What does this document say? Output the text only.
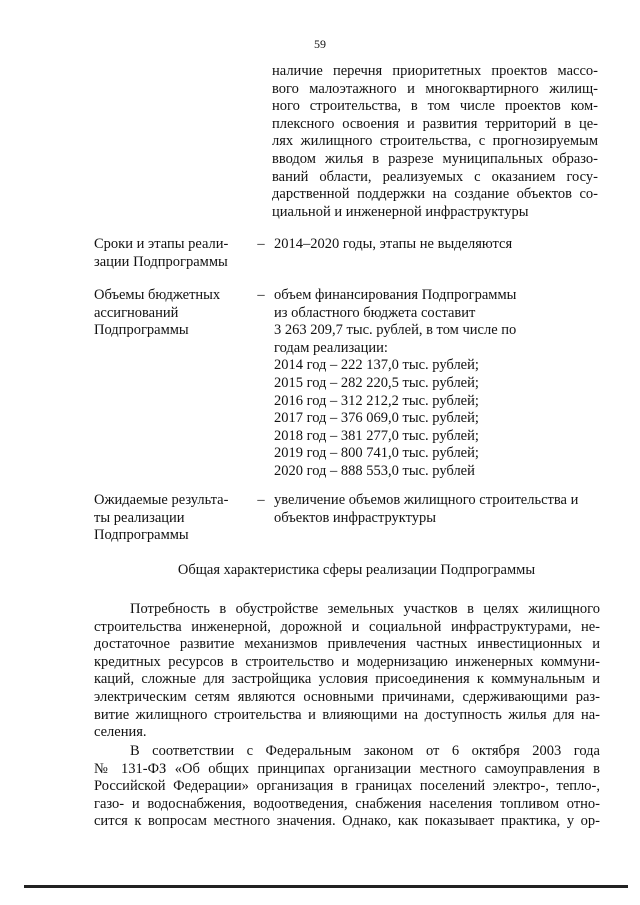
59
наличие перечня приоритетных проектов массо-
вого малоэтажного и многоквартирного жилищ-
ного строительства, в том числе проектов ком-
плексного освоения и развития территорий в це-
лях жилищного строительства, с прогнозируемым
вводом жилья в разрезе муниципальных образо-
ваний области, реализуемых с оказанием госу-
дарственной поддержки на создание объектов со-
циальной и инженерной инфраструктуры
Сроки и этапы реали-
зации Подпрограммы
– 2014–2020 годы, этапы не выделяются
Объемы бюджетных
ассигнований
Подпрограммы
– объем финансирования Подпрограммы
из областного бюджета составит
3 263 209,7 тыс. рублей, в том числе по
годам реализации:
2014 год – 222 137,0 тыс. рублей;
2015 год – 282 220,5 тыс. рублей;
2016 год – 312 212,2 тыс. рублей;
2017 год – 376 069,0 тыс. рублей;
2018 год – 381 277,0 тыс. рублей;
2019 год – 800 741,0 тыс. рублей;
2020 год – 888 553,0 тыс. рублей
Ожидаемые результа-
ты реализации
Подпрограммы
– увеличение объемов жилищного строительства и
объектов инфраструктуры
Общая характеристика сферы реализации Подпрограммы
Потребность в обустройстве земельных участков в целях жилищного
строительства инженерной, дорожной и социальной инфраструктурами, не-
достаточное развитие механизмов привлечения частных инвестиционных и
кредитных ресурсов в строительство и модернизацию инженерных коммуни-
каций, сложные для застройщика условия присоединения к коммунальным и
электрическим сетям являются основными причинами, сдерживающими раз-
витие жилищного строительства и влияющими на доступность жилья для на-
селения.
В соответствии с Федеральным законом от 6 октября 2003 года
№ 131-ФЗ «Об общих принципах организации местного самоуправления в
Российской Федерации» организация в границах поселений электро-, тепло-,
газо- и водоснабжения, водоотведения, снабжения населения топливом отно-
сится к вопросам местного значения. Однако, как показывает практика, у ор-
